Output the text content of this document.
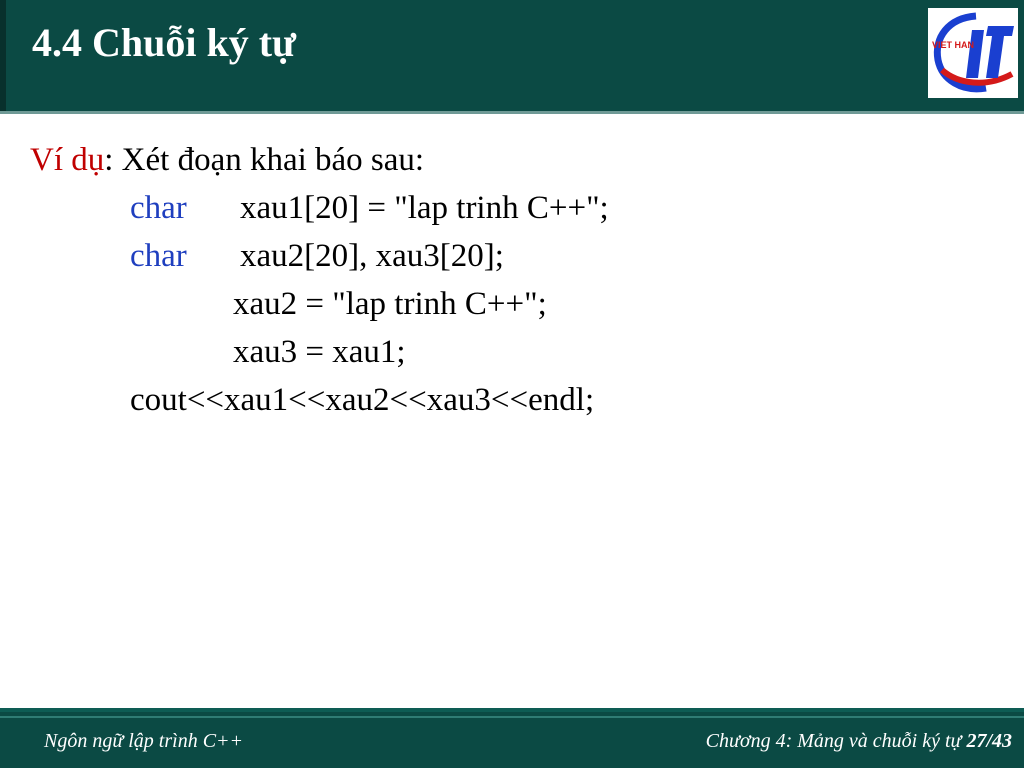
4.4 Chuỗi ký tự	VIET HAN
Ví dụ: Xét đoạn khai báo sau:
char xau1[20] = "lap trinh C++";
char xau2[20], xau3[20];
xau2 = "lap trinh C++";
xau3 = xau1;
cout<<xau1<<xau2<<xau3<<endl;
Ngôn ngữ lập trình C++	Chương 4: Mảng và chuỗi ký tự 27/43
